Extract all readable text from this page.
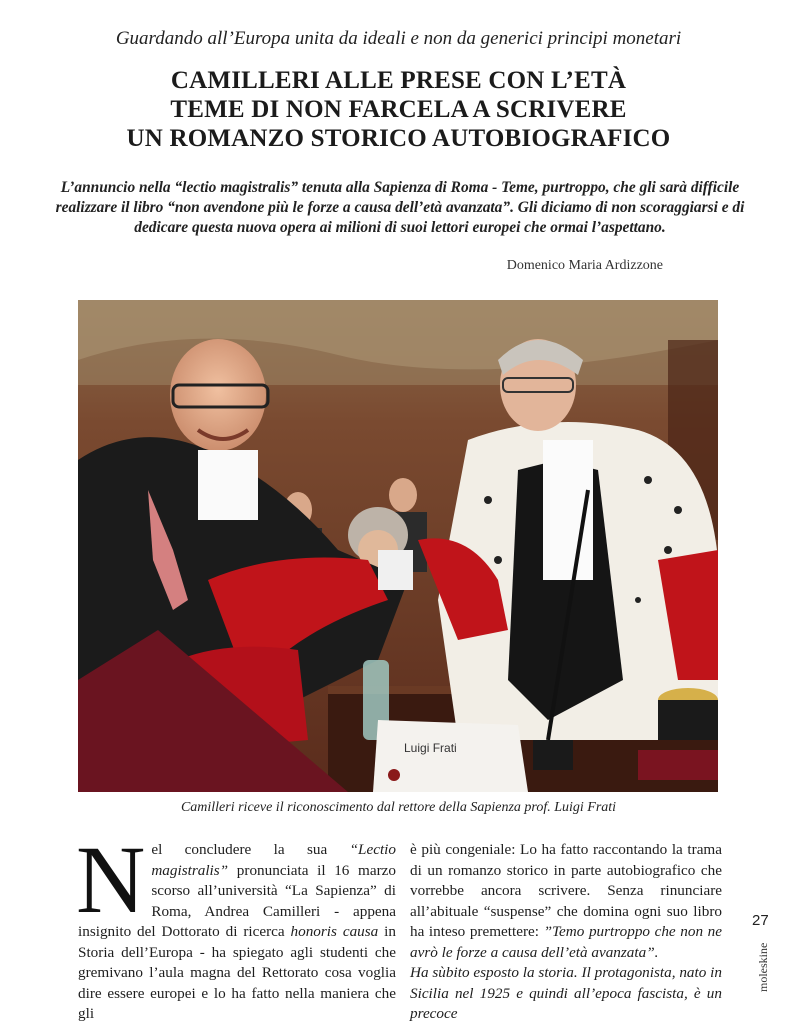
Guardando all’Europa unita da ideali e non da generici principi monetari
CAMILLERI ALLE PRESE CON L’ETÀ
TEME DI NON FARCELA A SCRIVERE
UN ROMANZO STORICO AUTOBIOGRAFICO
L’annuncio nella “lectio magistralis” tenuta alla Sapienza di Roma - Teme, purtroppo, che gli sarà difficile realizzare il libro “non avendone più le forze a causa dell’età avanzata”. Gli diciamo di non scoraggiarsi e di dedicare questa nuova opera ai milioni di suoi lettori europei che ormai l’aspettano.
Domenico Maria Ardizzone
Luigi Frati
Camilleri riceve il riconoscimento dal rettore della Sapienza prof. Luigi Frati
Nel concludere la sua “Lectio magistralis” pronunciata il 16 marzo scorso all’università “La Sapienza” di Roma, Andrea Camilleri - appena insignito del Dottorato di ricerca honoris causa in Storia dell’Europa - ha spiegato agli studenti che gremivano l’aula magna del Rettorato cosa voglia dire essere europei e lo ha fatto nella maniera che gli
è più congeniale: Lo ha fatto raccontando la trama di un romanzo storico in parte autobiografico che vorrebbe ancora scrivere. Senza rinunciare all’abituale “suspense” che domina ogni suo libro ha inteso premettere: ”Temo purtroppo che non ne avrò le forze a causa dell’età avanzata”.
Ha sùbito esposto la storia. Il protagonista, nato in Sicilia nel 1925 e quindi all’epoca fascista, è un precoce
27
moleskine
